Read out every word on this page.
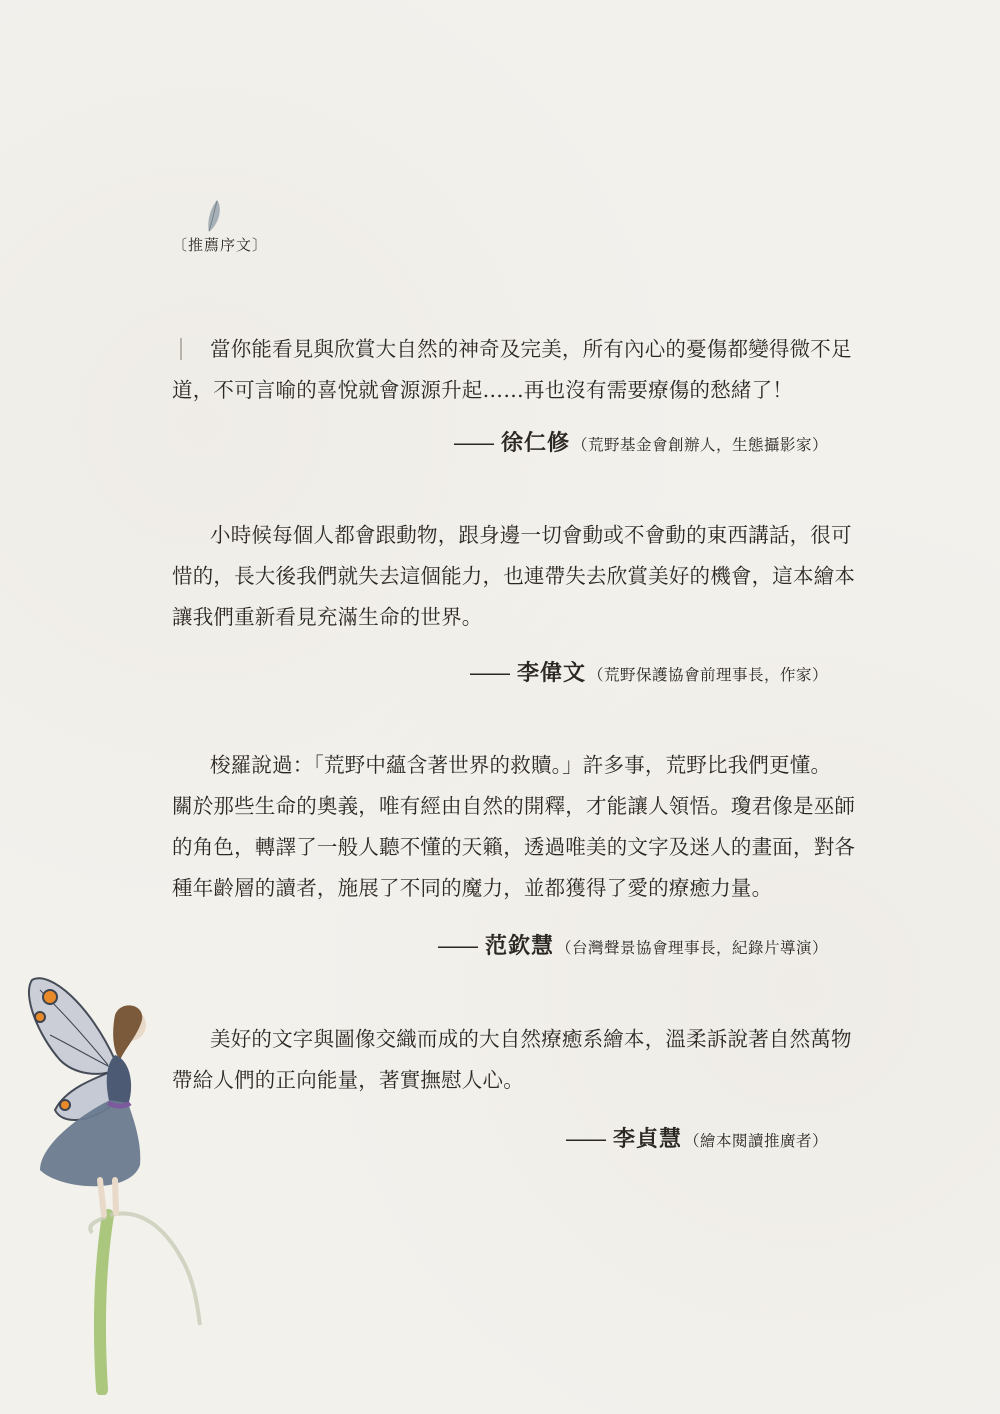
〔推薦序文〕

當你能看見與欣賞大自然的神奇及完美，所有內心的憂傷都變得微不足
道，不可言喻的喜悅就會源源升起……再也沒有需要療傷的愁緒了！

—— 徐仁修 （荒野基金會創辦人，生態攝影家）

小時候每個人都會跟動物，跟身邊一切會動或不會動的東西講話，很可
惜的，長大後我們就失去這個能力，也連帶失去欣賞美好的機會，這本繪本
讓我們重新看見充滿生命的世界。

—— 李偉文 （荒野保護協會前理事長，作家）

梭羅說過：「荒野中蘊含著世界的救贖。」許多事，荒野比我們更懂。
關於那些生命的奧義，唯有經由自然的開釋，才能讓人領悟。瓊君像是巫師
的角色，轉譯了一般人聽不懂的天籟，透過唯美的文字及迷人的畫面，對各
種年齡層的讀者，施展了不同的魔力，並都獲得了愛的療癒力量。

—— 范欽慧 （台灣聲景協會理事長，紀錄片導演）

美好的文字與圖像交織而成的大自然療癒系繪本，溫柔訴說著自然萬物
帶給人們的正向能量，著實撫慰人心。

—— 李貞慧 （繪本閱讀推廣者）
